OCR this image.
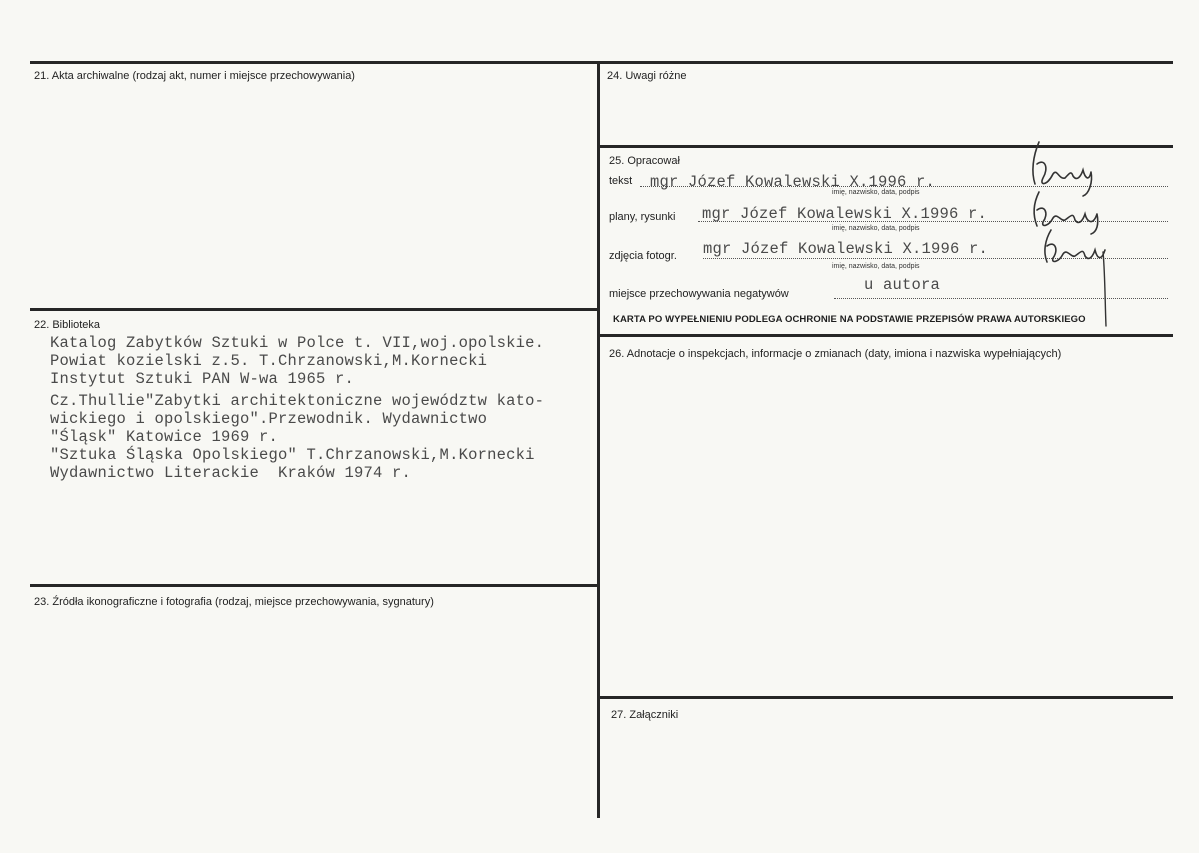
21. Akta archiwalne (rodzaj akt, numer i miejsce przechowywania)
22. Biblioteka
Katalog Zabytków Sztuki w Polce t. VII,woj.opolskie.
Powiat kozielski z.5. T.Chrzanowski,M.Kornecki
Instytut Sztuki PAN W-wa 1965 r.
Cz.Thullie"Zabytki architektoniczne województw kato-
wickiego i opolskiego".Przewodnik. Wydawnictwo
"Śląsk" Katowice 1969 r.
"Sztuka Śląska Opolskiego" T.Chrzanowski,M.Kornecki
Wydawnictwo Literackie  Kraków 1974 r.
23. Źródła ikonograficzne i fotografia (rodzaj, miejsce przechowywania, sygnatury)
24. Uwagi różne
25. Opracował
tekst mgr Józef Kowalewski X.1996 r.
imię, nazwisko, data, podpis
plany, rysunki mgr Józef Kowalewski X.1996 r.
imię, nazwisko, data, podpis
zdjęcia fotogr. mgr Józef Kowalewski X.1996 r.
imię, nazwisko, data, podpis
miejsce przechowywania negatywów	u autora
KARTA PO WYPEŁNIENIU PODLEGA OCHRONIE NA PODSTAWIE PRZEPISÓW PRAWA AUTORSKIEGO
26. Adnotacje o inspekcjach, informacje o zmianach (daty, imiona i nazwiska wypełniających)
27. Załączniki
